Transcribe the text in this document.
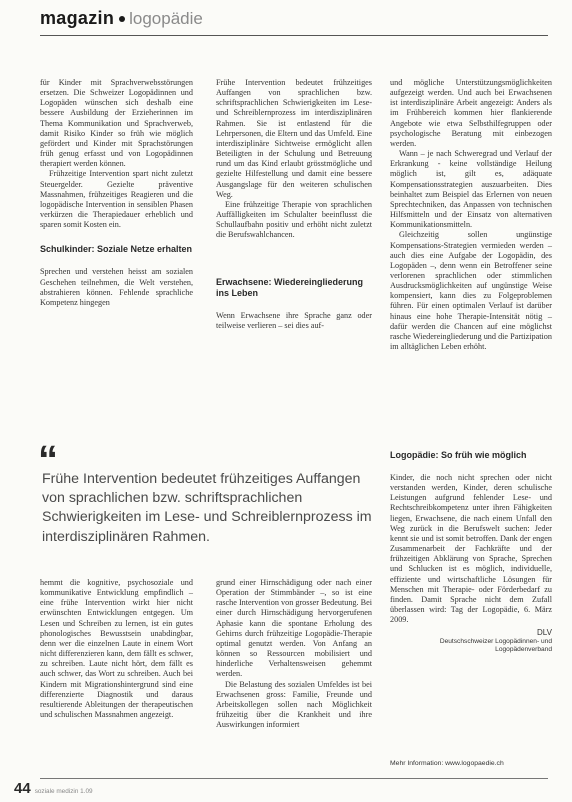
magazin logopädie

für Kinder mit Sprachverwebsstörungen ersetzen. Die Schweizer Logopädinnen und Logopäden wünschen sich deshalb eine bessere Ausbildung der Erzieherinnen im Thema Kommunikation und Sprachverweb, damit Risiko Kinder so früh wie möglich gefördert und Kinder mit Sprachstörungen früh genug erfasst und von Logopädinnen therapiert werden können.

Frühzeitige Intervention spart nicht zuletzt Steuergelder. Gezielte präventive Massnahmen, frühzeitiges Reagieren und die logopädische Intervention in sensiblen Phasen verkürzen die Therapiedauer erheblich und sparen somit Kosten ein.

Schulkinder: Soziale Netze erhalten

Sprechen und verstehen heisst am sozialen Geschehen teilnehmen, die Welt verstehen, abstrahieren können. Fehlende sprachliche Kompetenz hingegen

Frühe Intervention bedeutet frühzeitiges Auffangen von sprachlichen bzw. schriftsprachlichen Schwierigkeiten im Lese- und Schreiblernprozess im interdisziplinären Rahmen. Sie ist entlastend für die Lehrpersonen, die Eltern und das Umfeld. Eine interdisziplinäre Sichtweise ermöglicht allen Beteiligten in der Schulung und Betreuung rund um das Kind erlaubt grösstmögliche und gezielte Hilfestellung und damit eine bessere Ausgangslage für den weiteren schulischen Weg.

Eine frühzeitige Therapie von sprachlichen Auffälligkeiten im Schulalter beeinflusst die Schullaufbahn positiv und erhöht nicht zuletzt die Berufswahlchancen.

Erwachsene: Wiedereingliederung ins Leben

Wenn Erwachsene ihre Sprache ganz oder teilweise verlieren – sei dies auf-

und mögliche Unterstützungsmöglichkeiten aufgezeigt werden. Und auch bei Erwachsenen ist interdisziplinäre Arbeit angezeigt: Anders als im Frühbereich kommen hier flankierende Angebote wie etwa Selbsthilfegruppen oder psychologische Beratung mit einbezogen werden.

Wann – je nach Schweregrad und Verlauf der Erkrankung - keine vollständige Heilung möglich ist, gilt es, adäquate Kompensationsstrategien auszuarbeiten. Dies beinhaltet zum Beispiel das Erlernen von neuen Sprechtechniken, das Anpassen von technischen Hilfsmitteln und der Einsatz von alternativen Kommunikationsmitteln.

Gleichzeitig sollen ungünstige Kompensations-Strategien vermieden werden – auch dies eine Aufgabe der Logopädin, des Logopäden –, denn wenn ein Betroffener seine verlorenen sprachlichen oder stimmlichen Ausdrucksmöglichkeiten auf ungünstige Weise kompensiert, kann dies zu Folgeproblemen führen. Für einen optimalen Verlauf ist darüber hinaus eine hohe Therapie-Intensität nötig – dafür werden die Chancen auf eine möglichst rasche Wiedereingliederung und die Partizipation im alltäglichen Leben erhöht.

“
Frühe Intervention bedeutet frühzeitiges Auffangen von sprachlichen bzw. schriftsprachlichen Schwierigkeiten im Lese- und Schreiblernprozess im interdisziplinären Rahmen.

hemmt die kognitive, psychosoziale und kommunikative Entwicklung empfindlich – eine frühe Intervention wirkt hier nicht erwünschten Entwicklungen entgegen. Um Lesen und Schreiben zu lernen, ist ein gutes phonologisches Bewusstsein unabdingbar, denn wer die einzelnen Laute in einem Wort nicht differenzieren kann, dem fällt es schwer, zu schreiben. Laute nicht hört, dem fällt es auch schwer, das Wort zu schreiben. Auch bei Kindern mit Migrationshintergrund sind eine differenzierte Diagnostik und daraus resultierende Ableitungen der therapeutischen und schulischen Massnahmen angezeigt.

grund einer Hirnschädigung oder nach einer Operation der Stimmbänder –, so ist eine rasche Intervention von grosser Bedeutung. Bei einer durch Hirnschädigung hervorgerufenen Aphasie kann die spontane Erholung des Gehirns durch frühzeitige Logopädie-Therapie optimal genutzt werden. Von Anfang an können so Ressourcen mobilisiert und hinderliche Verhaltensweisen gehemmt werden.

Die Belastung des sozialen Umfeldes ist bei Erwachsenen gross: Familie, Freunde und Arbeitskollegen sollen nach Möglichkeit frühzeitig über die Krankheit und ihre Auswirkungen informiert

Logopädie: So früh wie möglich

Kinder, die noch nicht sprechen oder nicht verstanden werden, Kinder, deren schulische Leistungen aufgrund fehlender Lese- und Rechtschreibkompetenz unter ihren Fähigkeiten liegen, Erwachsene, die nach einem Unfall den Weg zurück in die Berufswelt suchen: Jeder kennt sie und ist somit betroffen. Dank der engen Zusammenarbeit der Fachkräfte und der frühzeitigen Abklärung von Sprache, Sprechen und Schlucken ist es möglich, individuelle, effiziente und wirtschaftliche Lösungen für Menschen mit Therapie- oder Förderbedarf zu finden. Damit Sprache nicht dem Zufall überlassen wird: Tag der Logopädie, 6. März 2009.

DLV
Deutschschweizer Logopädinnen- und Logopädenverband
Mehr Information: www.logopaedie.ch
44 soziale medizin 1.09
